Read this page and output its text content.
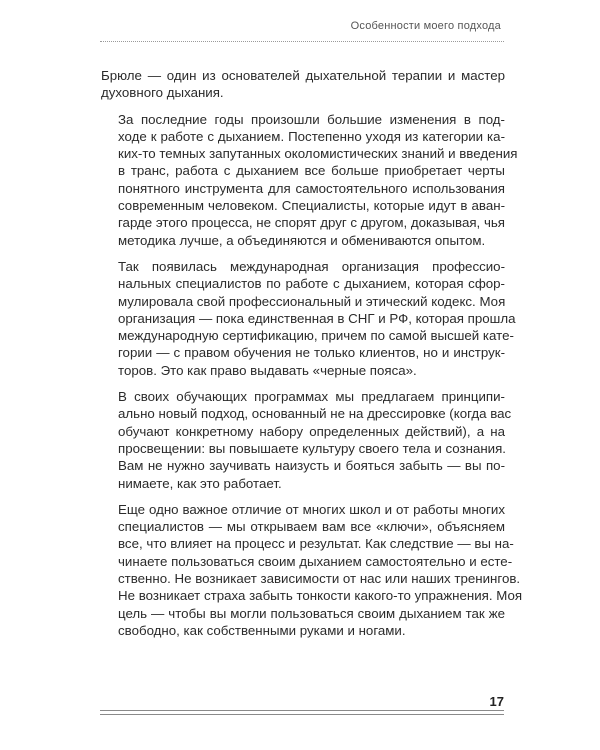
Особенности моего подхода

Брюле — один из основателей дыхательной терапии и мастер
духовного дыхания.

За последние годы произошли большие изменения в под-
ходе к работе с дыханием. Постепенно уходя из категории ка-
ких-то темных запутанных околомистических знаний и введения
в транс, работа с дыханием все больше приобретает черты
понятного инструмента для самостоятельного использования
современным человеком. Специалисты, которые идут в аван-
гарде этого процесса, не спорят друг с другом, доказывая, чья
методика лучше, а объединяются и обмениваются опытом.

Так появилась международная организация профессио-
нальных специалистов по работе с дыханием, которая сфор-
мулировала свой профессиональный и этический кодекс. Моя
организация — пока единственная в СНГ и РФ, которая прошла
международную сертификацию, причем по самой высшей кате-
гории — с правом обучения не только клиентов, но и инструк-
торов. Это как право выдавать «черные пояса».

В своих обучающих программах мы предлагаем принципи-
ально новый подход, основанный не на дрессировке (когда вас
обучают конкретному набору определенных действий), а на
просвещении: вы повышаете культуру своего тела и сознания.
Вам не нужно заучивать наизусть и бояться забыть — вы по-
нимаете, как это работает.

Еще одно важное отличие от многих школ и от работы многих
специалистов — мы открываем вам все «ключи», объясняем
все, что влияет на процесс и результат. Как следствие — вы на-
чинаете пользоваться своим дыханием самостоятельно и есте-
ственно. Не возникает зависимости от нас или наших тренингов.
Не возникает страха забыть тонкости какого-то упражнения. Моя
цель — чтобы вы могли пользоваться своим дыханием так же
свободно, как собственными руками и ногами.

17
